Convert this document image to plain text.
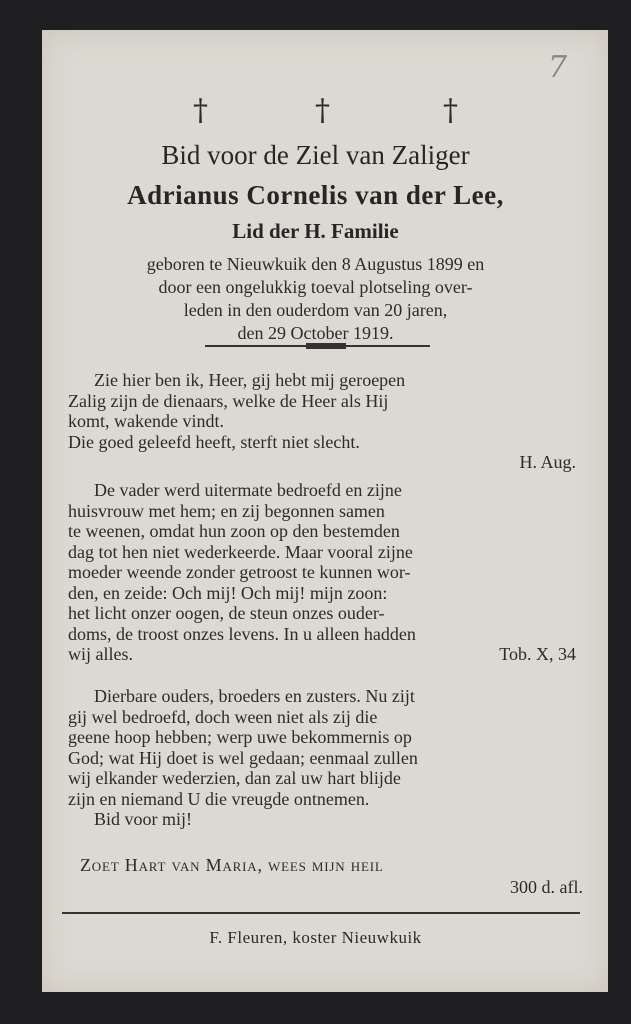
7
†	†	†
Bid voor de Ziel van Zaliger
Adrianus Cornelis van der Lee,
Lid der H. Familie
geboren te Nieuwkuik den 8 Augustus 1899 en
door een ongelukkig toeval plotseling over-
leden in den ouderdom van 20 jaren,
den 29 October 1919.
Zie hier ben ik, Heer, gij hebt mij geroepen
Zalig zijn de dienaars, welke de Heer als Hij
komt, wakende vindt.
Die goed geleefd heeft, sterft niet slecht.
H. Aug.
De vader werd uitermate bedroefd en zijne
huisvrouw met hem; en zij begonnen samen
te weenen, omdat hun zoon op den bestemden
dag tot hen niet wederkeerde. Maar vooral zijne
moeder weende zonder getroost te kunnen wor-
den, en zeide: Och mij! Och mij! mijn zoon:
het licht onzer oogen, de steun onzes ouder-
doms, de troost onzes levens. In u alleen hadden
wij alles.	Tob. X, 34
Dierbare ouders, broeders en zusters. Nu zijt
gij wel bedroefd, doch ween niet als zij die
geene hoop hebben; werp uwe bekommernis op
God; wat Hij doet is wel gedaan; eenmaal zullen
wij elkander wederzien, dan zal uw hart blijde
zijn en niemand U die vreugde ontnemen.
Bid voor mij!
Zoet Hart van Maria, wees mijn heil
300 d. afl.
F. Fleuren, koster Nieuwkuik
